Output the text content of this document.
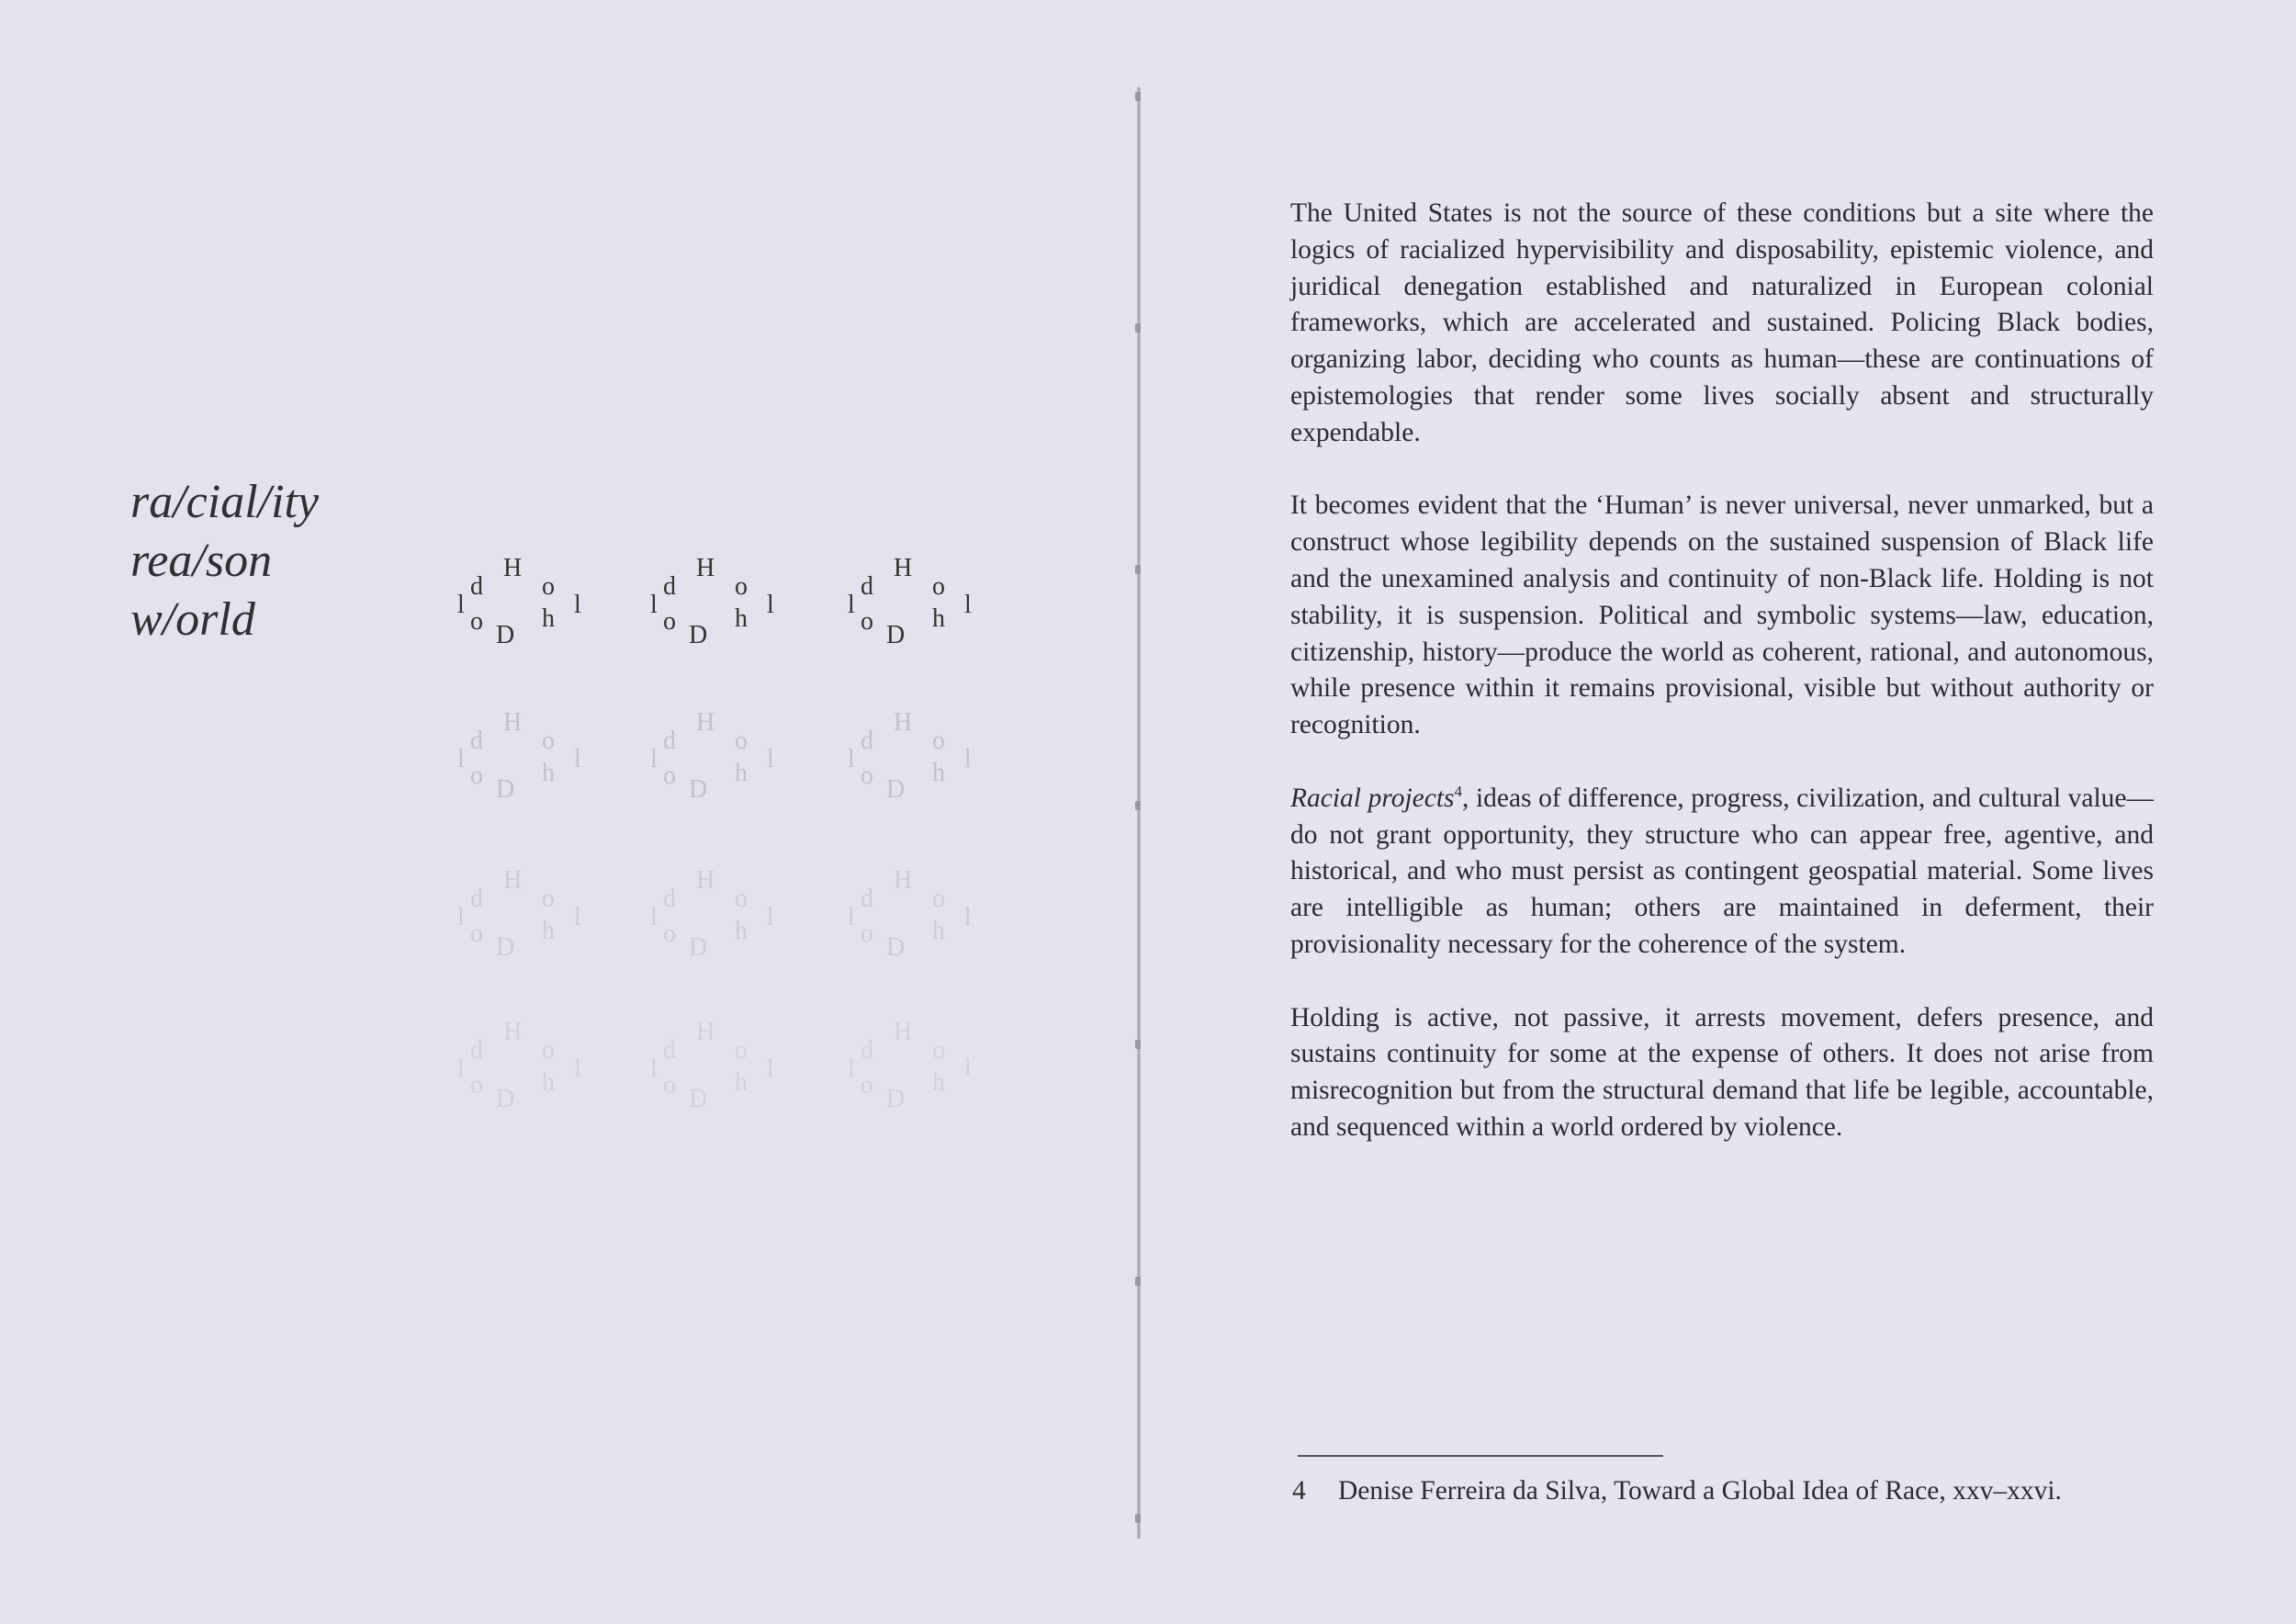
ra/cial/ity
rea/son
w/orld	l
d
H
o D
o
h l	l
d
H
o D
o
h l	l
d
H
o D
o
h l
l
d
H
o D
o
h l	l
d
H
o D
o
h l	l
d
H
o D
o
h l
l
d
H
o D
o
h l	l
d
H
o D
o
h l	l
d
H
o D
o
h l
l
d
H
o D
o
h l	l
d
H
o D
o
h l	l
d
H
o D
o
h l

The United States is not the source of these conditions but a site where the logics of racialized hypervisibility and disposability, epistemic violence, and juridical denegation established and naturalized in European colonial frameworks, which are accelerated and sustained. Policing Black bodies, organizing labor, deciding who counts as human—these are continuations of epistemologies that render some lives socially absent and structurally expendable.

It becomes evident that the ‘Human’ is never universal, never unmarked, but a construct whose legibility depends on the sustained suspension of Black life and the unexamined analysis and continuity of non-Black life. Holding is not stability, it is suspension. Political and symbolic systems—law, education, citizenship, history—produce the world as coherent, rational, and autonomous, while presence within it remains provisional, visible but without authority or recognition.

Racial projects$^4$, ideas of difference, progress, civilization, and cultural value—do not grant opportunity, they structure who can appear free, agentive, and historical, and who must persist as contingent geospatial material. Some lives are intelligible as human; others are maintained in deferment, their provisionality necessary for the coherence of the system.

Holding is active, not passive, it arrests movement, defers presence, and sustains continuity for some at the expense of others. It does not arise from misrecognition but from the structural demand that life be legible, accountable, and sequenced within a world ordered by violence.

4 Denise Ferreira da Silva, Toward a Global Idea of Race, xxv–xxvi.
